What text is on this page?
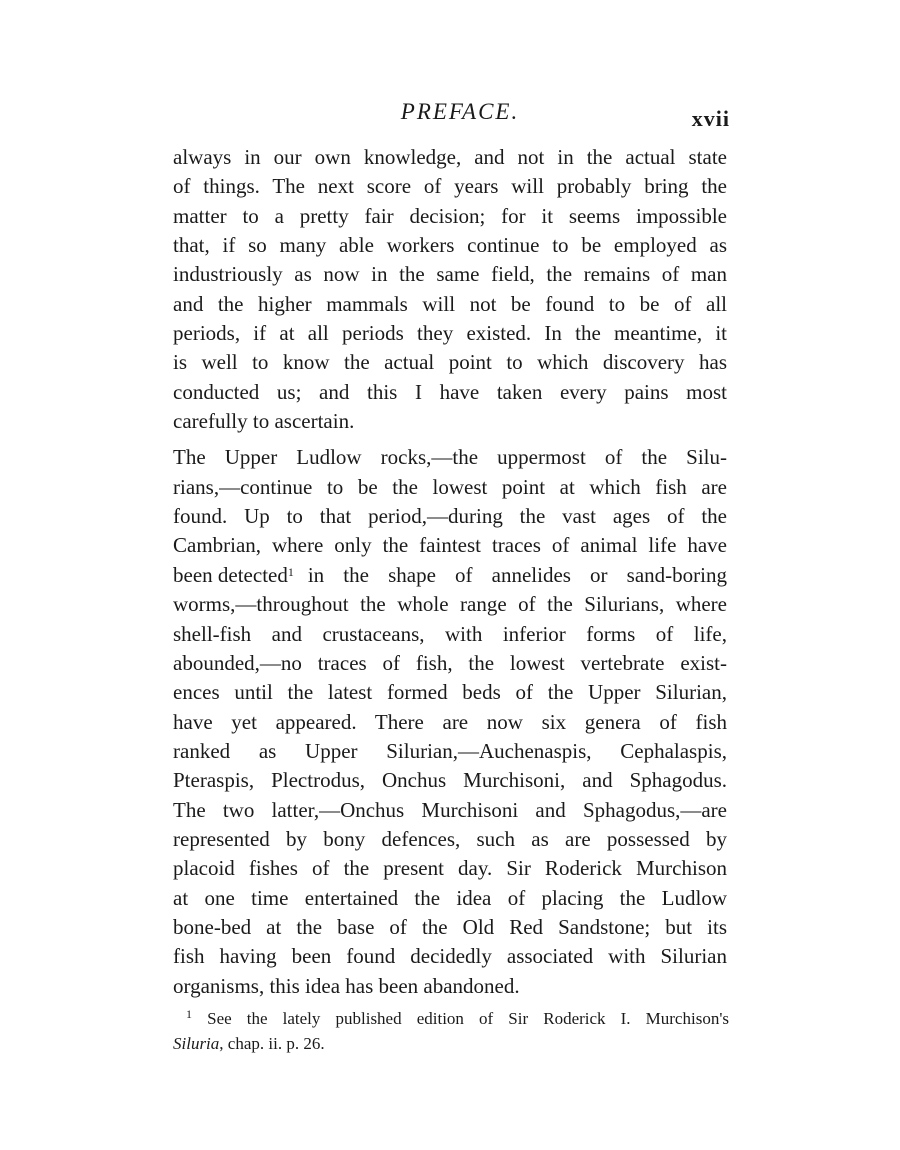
PREFACE.	xvii
always in our own knowledge, and not in the actual state
of things. The next score of years will probably bring the
matter to a pretty fair decision; for it seems impossible
that, if so many able workers continue to be employed as
industriously as now in the same field, the remains of man
and the higher mammals will not be found to be of all
periods, if at all periods they existed. In the meantime, it
is well to know the actual point to which discovery has
conducted us; and this I have taken every pains most
carefully to ascertain.
The Upper Ludlow rocks,—the uppermost of the Silu-
rians,—continue to be the lowest point at which fish are
found. Up to that period,—during the vast ages of the
Cambrian, where only the faintest traces of animal life have
been detected$^1$ in the shape of annelides or sand-boring
worms,—throughout the whole range of the Silurians, where
shell-fish and crustaceans, with inferior forms of life,
abounded,—no traces of fish, the lowest vertebrate exist-
ences until the latest formed beds of the Upper Silurian,
have yet appeared. There are now six genera of fish
ranked as Upper Silurian,—Auchenaspis, Cephalaspis,
Pteraspis, Plectrodus, Onchus Murchisoni, and Sphagodus.
The two latter,—Onchus Murchisoni and Sphagodus,—are
represented by bony defences, such as are possessed by
placoid fishes of the present day. Sir Roderick Murchison
at one time entertained the idea of placing the Ludlow
bone-bed at the base of the Old Red Sandstone; but its
fish having been found decidedly associated with Silurian
organisms, this idea has been abandoned.
$^1$ See the lately published edition of Sir Roderick I. Murchison's
Siluria, chap. ii. p. 26.
